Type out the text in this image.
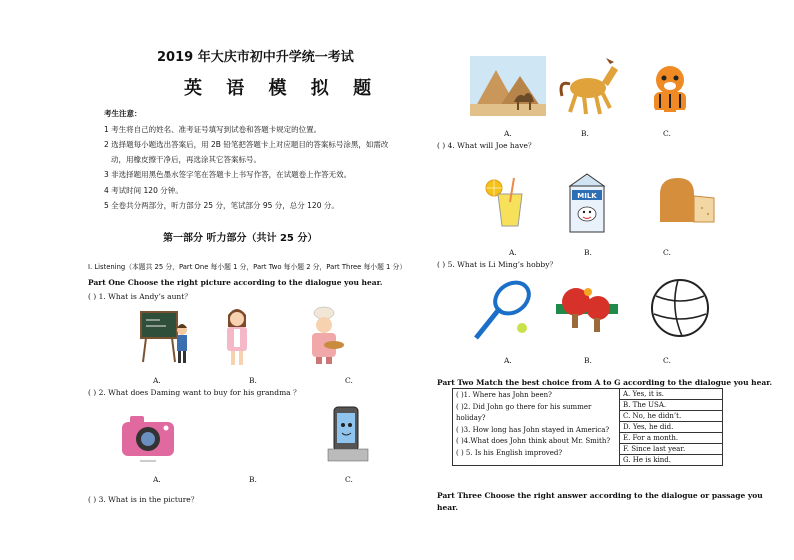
2019 年大庆市初中升学统一考试
英 语 模 拟 题
考生注意：
1 考生将自己的姓名、准考证号填写到试卷和答题卡规定的位置。
2 选择题每小题选出答案后，用 2B 铅笔把答题卡上对应题目的答案标号涂黑，如需改
动，用橡皮擦干净后，再选涂其它答案标号。
3 非选择题用黑色墨水签字笔在答题卡上书写作答，在试题卷上作答无效。
4 考试时间 120 分钟。
5 全卷共分两部分，听力部分 25 分，笔试部分 95 分，总分 120 分。
第一部分 听力部分（共计 25 分）
I. Listening（本题共 25 分，Part One 每小题 1 分，Part Two 每小题 2 分，Part Three 每小题 1 分）
Part One Choose the right picture according to the dialogue you hear.
( ) 1. What is Andy’s aunt？
A.	B.	C.
( ) 2. What does Daming want to buy for his grandma ？
A.	B.	C.
( ) 3. What is in the picture？
A.	B.	C.
( ) 4. What will Joe have？
MILK
A.	B.	C.
( ) 5. What is Li Ming’s hobby？
A.	B.	C.
Part Two Match the best choice from A to G according to the dialogue you hear.
( )1. Where has John been?
( )2. Did John go there for his summer
holiday?
( )3. How long has John stayed in America?
( )4.What does John think about Mr. Smith?
( ) 5. Is his English improved?
	A. Yes, it is.
B. The USA.
C. No, he didn’t.
D. Yes, he did.
E. For a month.
F. Since last year.
G. He is kind.
Part Three Choose the right answer according to the dialogue or passage you
hear.
